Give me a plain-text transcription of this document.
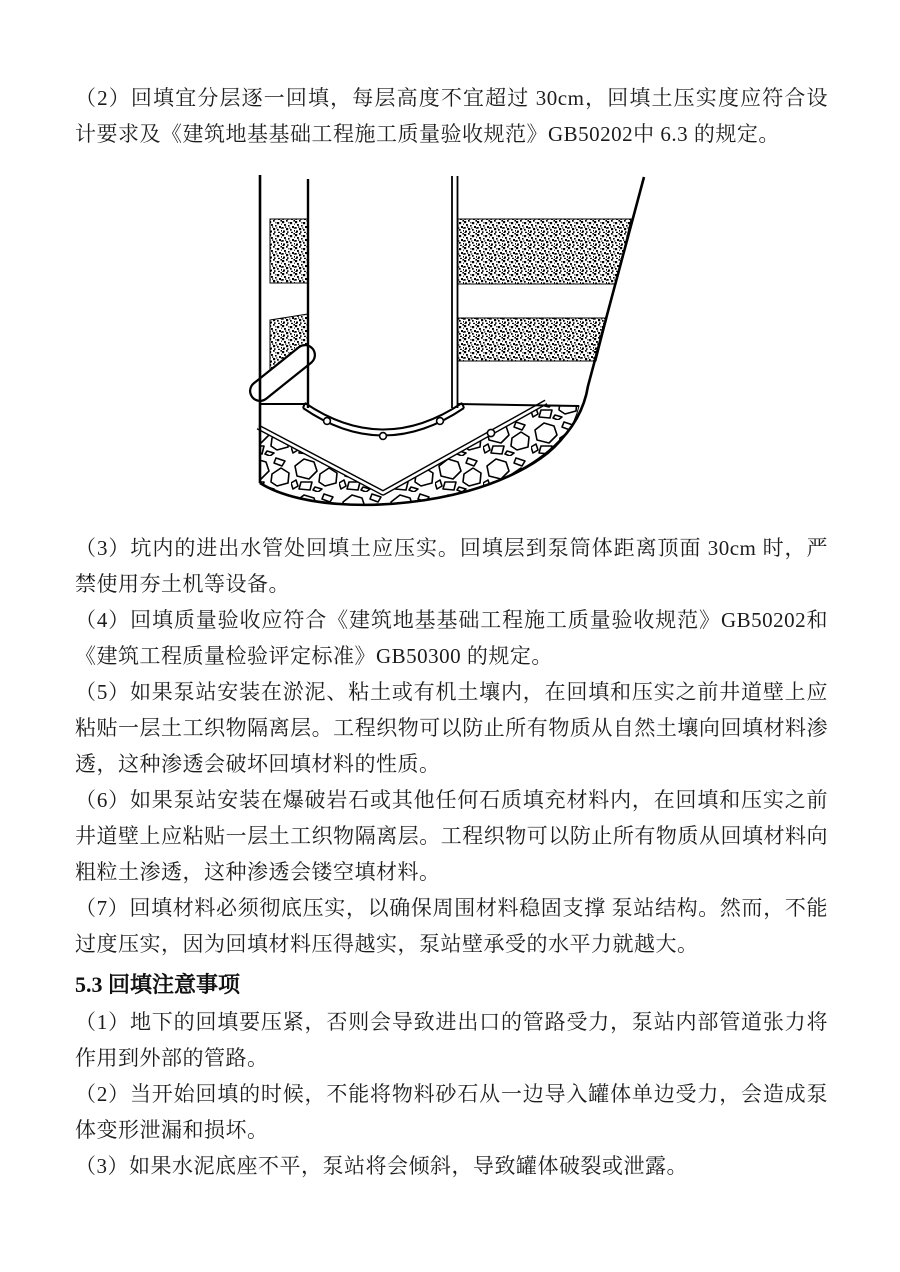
（2）回填宜分层逐一回填，每层高度不宜超过 30cm，回填土压实度应符合设计要求及《建筑地基基础工程施工质量验收规范》GB50202中 6.3 的规定。

（3）坑内的进出水管处回填土应压实。回填层到泵筒体距离顶面 30cm 时，严禁使用夯土机等设备。

（4）回填质量验收应符合《建筑地基基础工程施工质量验收规范》GB50202和《建筑工程质量检验评定标准》GB50300 的规定。

（5）如果泵站安装在淤泥、粘土或有机土壤内，在回填和压实之前井道壁上应粘贴一层土工织物隔离层。工程织物可以防止所有物质从自然土壤向回填材料渗透，这种渗透会破坏回填材料的性质。

（6）如果泵站安装在爆破岩石或其他任何石质填充材料内，在回填和压实之前井道壁上应粘贴一层土工织物隔离层。工程织物可以防止所有物质从回填材料向粗粒土渗透，这种渗透会镂空填材料。

（7）回填材料必须彻底压实，以确保周围材料稳固支撑 泵站结构。然而，不能过度压实，因为回填材料压得越实，泵站壁承受的水平力就越大。

5.3 回填注意事项

（1）地下的回填要压紧，否则会导致进出口的管路受力，泵站内部管道张力将作用到外部的管路。

（2）当开始回填的时候，不能将物料砂石从一边导入罐体单边受力，会造成泵体变形泄漏和损坏。

（3）如果水泥底座不平，泵站将会倾斜，导致罐体破裂或泄露。
